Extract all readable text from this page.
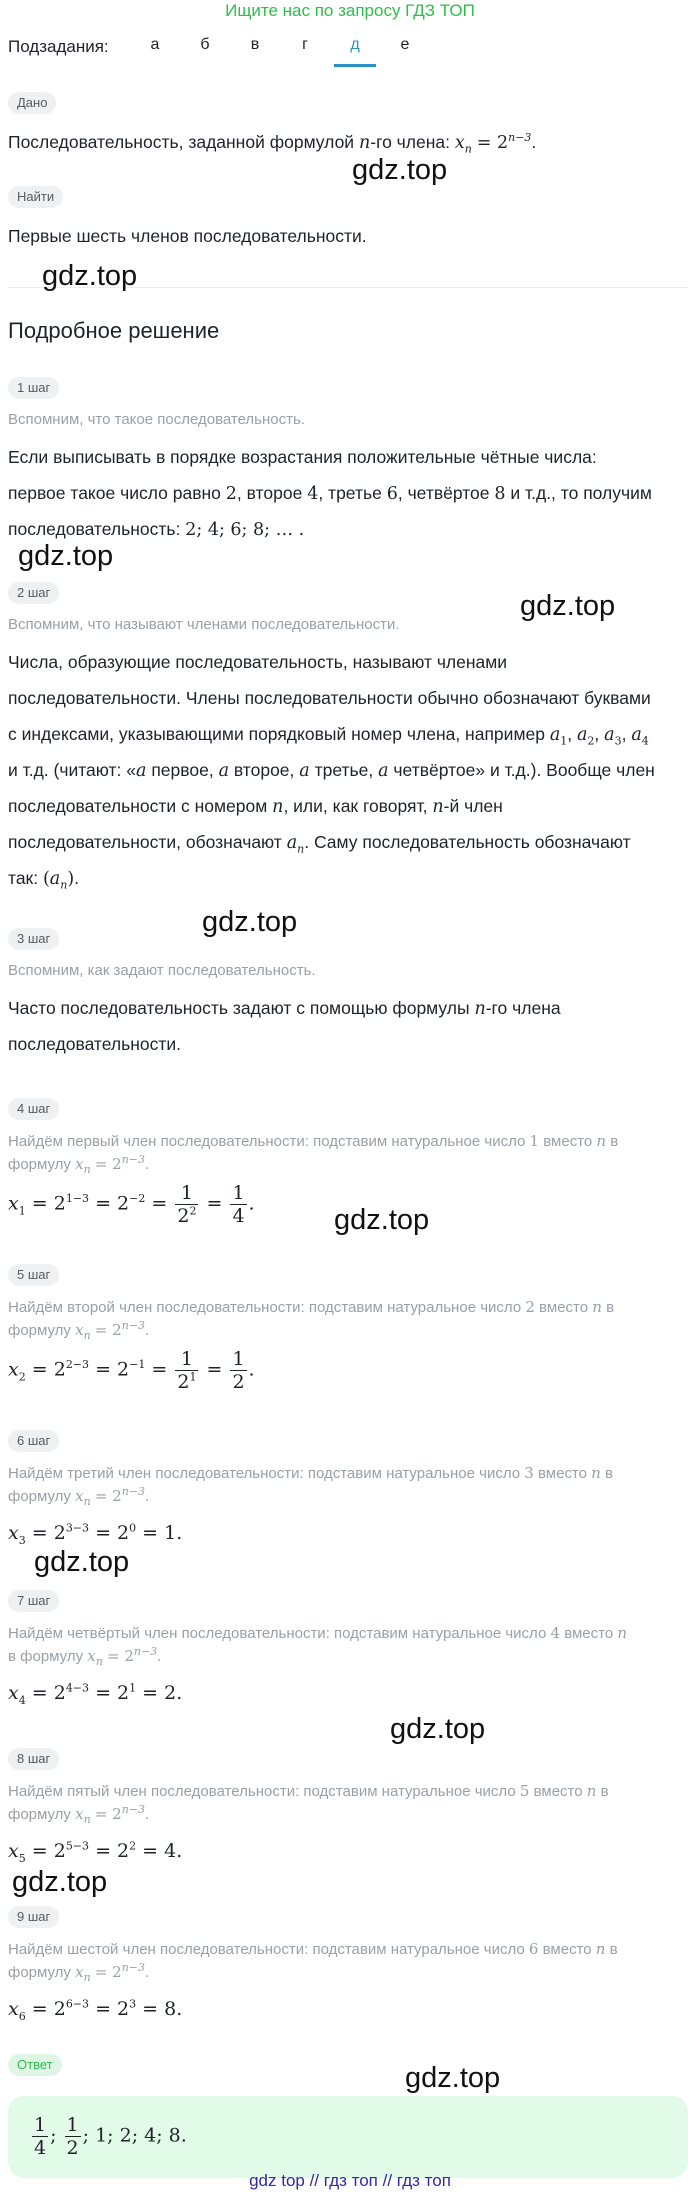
Ищите нас по запросу ГДЗ ТОП
Подзадания:	а	б	в	г	д	е
Дано
Последовательность, заданной формулой n-го члена: $x_n = 2^{n-3}$.
Найти
Первые шесть членов последовательности.
Подробное решение
1 шаг
Вспомним, что такое последовательность.
Если выписывать в порядке возрастания положительные чётные числа:
первое такое число равно 2, второе 4, третье 6, четвёртое 8 и т.д., то получим
последовательность: 2; 4; 6; 8; … .
2 шаг
Вспомним, что называют членами последовательности.
Числа, образующие последовательность, называют членами
последовательности. Члены последовательности обычно обозначают буквами
с индексами, указывающими порядковый номер члена, например $a_1$, $a_2$, $a_3$, $a_4$
и т.д. (читают: «a первое, a второе, a третье, a четвёртое» и т.д.). Вообще член
последовательности с номером n, или, как говорят, n-й член
последовательности, обозначают $a_n$. Саму последовательность обозначают
так: $(a_n)$.
3 шаг
Вспомним, как задают последовательность.
Часто последовательность задают с помощью формулы n-го члена
последовательности.
4 шаг
Найдём первый член последовательности: подставим натуральное число 1 вместо n в
формулу $x_n = 2^{n-3}$.
$x_1 = 2^{1-3} = 2^{-2} = \frac{1}{2^2} = \frac{1}{4}$ .
5 шаг
Найдём второй член последовательности: подставим натуральное число 2 вместо n в
формулу $x_n = 2^{n-3}$.
$x_2 = 2^{2-3} = 2^{-1} = \frac{1}{2^1} = \frac{1}{2}$ .
6 шаг
Найдём третий член последовательности: подставим натуральное число 3 вместо n в
формулу $x_n = 2^{n-3}$.
$x_3 = 2^{3-3} = 2^0 = 1$.
7 шаг
Найдём четвёртый член последовательности: подставим натуральное число 4 вместо n
в формулу $x_n = 2^{n-3}$.
$x_4 = 2^{4-3} = 2^1 = 2$.
8 шаг
Найдём пятый член последовательности: подставим натуральное число 5 вместо n в
формулу $x_n = 2^{n-3}$.
$x_5 = 2^{5-3} = 2^2 = 4$.
9 шаг
Найдём шестой член последовательности: подставим натуральное число 6 вместо n в
формулу $x_n = 2^{n-3}$.
$x_6 = 2^{6-3} = 2^3 = 8$.
Ответ
$\frac{1}{4}$ ; $\frac{1}{2}$ ; 1; 2; 4; 8.
gdz.top
gdz.top
gdz.top
gdz.top
gdz.top
gdz.top
gdz.top
gdz.top
gdz.top
gdz.top
gdz top // гдз топ // гдз топ
